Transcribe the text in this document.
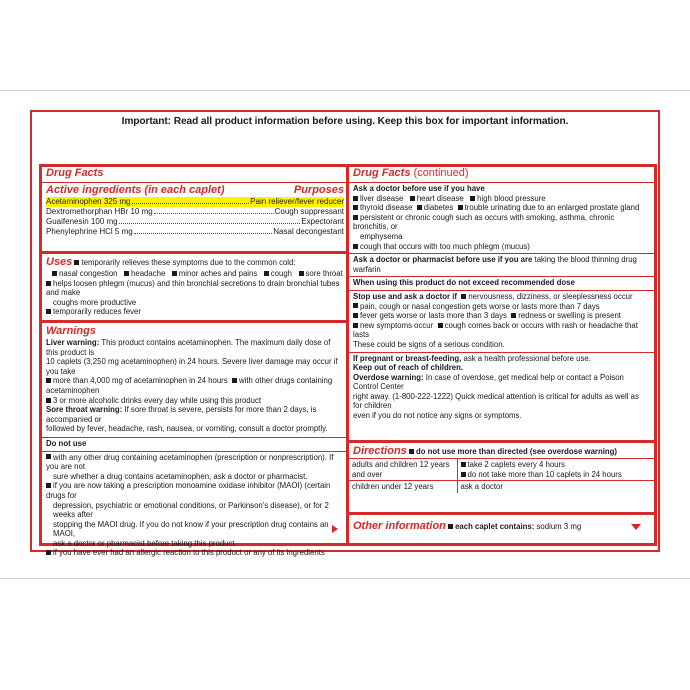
Important: Read all product information before using. Keep this box for important information.
Drug Facts
Active ingredients (in each caplet)	Purposes
Acetaminophen 325 mg	Pain reliever/fever reducer
Dextromethorphan HBr 10 mg	Cough suppressant
Guaifenesin 100 mg	Expectorant
Phenylephrine HCl 5 mg	Nasal decongestant
Uses temporarily relieves these symptoms due to the common cold:
nasal congestion headache minor aches and pains cough sore throat
helps loosen phlegm (mucus) and thin bronchial secretions to drain bronchial tubes and make
coughs more productive
temporarily reduces fever
Warnings
Liver warning: This product contains acetaminophen. The maximum daily dose of this product is
10 caplets (3,250 mg acetaminophen) in 24 hours. Severe liver damage may occur if you take
more than 4,000 mg of acetaminophen in 24 hours with other drugs containing acetaminophen
3 or more alcoholic drinks every day while using this product
Sore throat warning: If sore throat is severe, persists for more than 2 days, is accompanied or
followed by fever, headache, rash, nausea, or vomiting, consult a doctor promptly.
Do not use
with any other drug containing acetaminophen (prescription or nonprescription). If you are not
sure whether a drug contains acetaminophen, ask a doctor or pharmacist.
if you are now taking a prescription monoamine oxidase inhibitor (MAOI) (certain drugs for
depression, psychiatric or emotional conditions, or Parkinson's disease), or for 2 weeks after
stopping the MAOI drug. If you do not know if your prescription drug contains an MAOI,
ask a doctor or pharmacist before taking this product.
if you have ever had an allergic reaction to this product or any of its ingredients
Drug Facts (continued)
Ask a doctor before use if you have
liver disease heart disease high blood pressure
thyroid disease diabetes trouble urinating due to an enlarged prostate gland
persistent or chronic cough such as occurs with smoking, asthma, chronic bronchitis, or
emphysema
cough that occurs with too much phlegm (mucus)
Ask a doctor or pharmacist before use if you are taking the blood thinning drug warfarin
When using this product do not exceed recommended dose
Stop use and ask a doctor if nervousness, dizziness, or sleeplessness occur
pain, cough or nasal congestion gets worse or lasts more than 7 days
fever gets worse or lasts more than 3 days redness or swelling is present
new symptoms occur cough comes back or occurs with rash or headache that lasts
These could be signs of a serious condition.
If pregnant or breast-feeding, ask a health professional before use.
Keep out of reach of children.
Overdose warning: In case of overdose, get medical help or contact a Poison Control Center
right away. (1-800-222-1222) Quick medical attention is critical for adults as well as for children
even if you do not notice any signs or symptoms.
Directions do not use more than directed (see overdose warning)
adults and children 12 years
and over	take 2 caplets every 4 hours
do not take more than 10 caplets in 24 hours
children under 12 years	ask a doctor
Other information each caplet contains: sodium 3 mg
